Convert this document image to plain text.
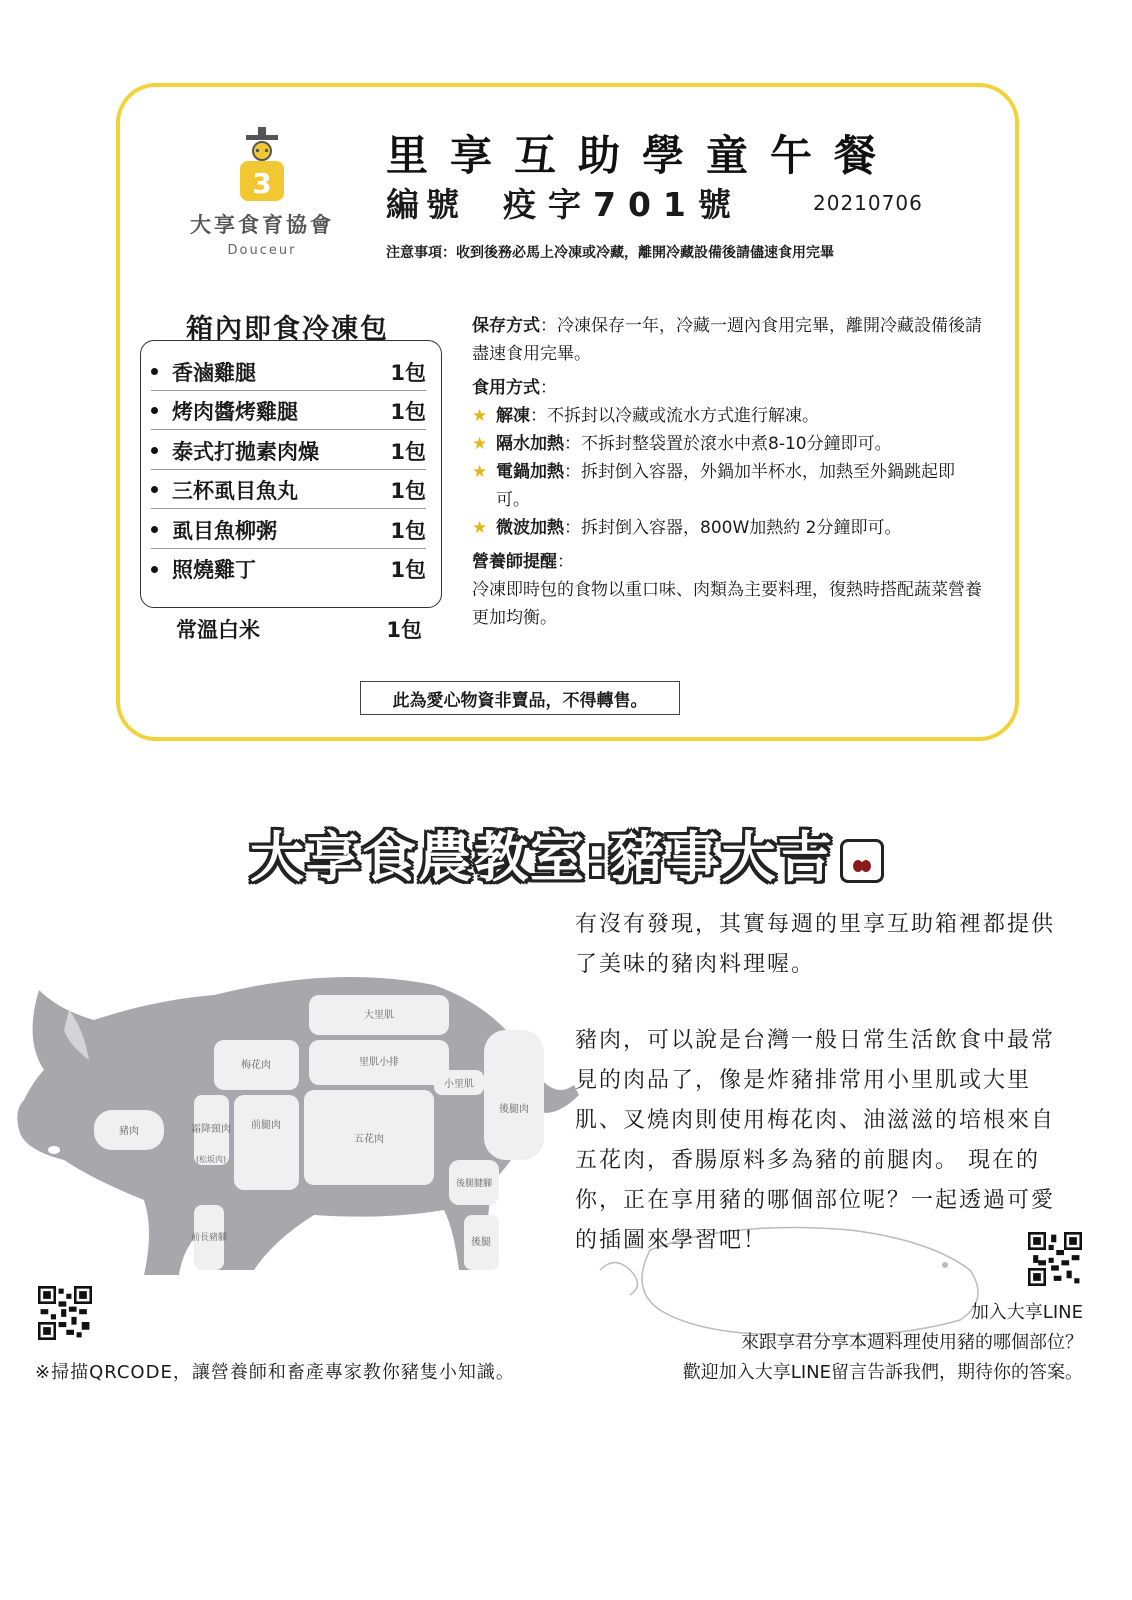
3
大享食育協會
Douceur
里享互助學童午餐
編號 疫字701號	20210706
注意事項：收到後務必馬上冷凍或冷藏，離開冷藏設備後請儘速食用完畢
箱內即食冷凍包
香滷雞腿	1包
烤肉醬烤雞腿	1包
泰式打拋素肉燥	1包
三杯虱目魚丸	1包
虱目魚柳粥	1包
照燒雞丁	1包
常溫白米	1包

保存方式：冷凍保存一年，冷藏一週內食用完畢，離開冷藏設備後請盡速食用完畢。

食用方式：

★ 解凍：不拆封以冷藏或流水方式進行解凍。
★ 隔水加熱：不拆封整袋置於滾水中煮8-10分鐘即可。
★ 電鍋加熱：拆封倒入容器，外鍋加半杯水，加熱至外鍋跳起即可。
★ 微波加熱：拆封倒入容器，800W加熱約 2分鐘即可。

營養師提醒：

冷凍即時包的食物以重口味、肉類為主要料理，復熱時搭配蔬菜營養更加均衡。

此為愛心物資非賣品，不得轉售。
大享食農教室:豬事大吉
豬肉
梅花肉
大里肌
里肌小排
小里肌
後腿肉
五花肉
前腿肉
霜降頸肉
(松坂肉)
後腿腱腳
前長豬腳	後腿

有沒有發現，其實每週的里享互助箱裡都提供了美味的豬肉料理喔。

豬肉，可以說是台灣一般日常生活飲食中最常見的肉品了，像是炸豬排常用小里肌或大里肌、叉燒肉則使用梅花肉、油滋滋的培根來自五花肉，香腸原料多為豬的前腿肉。 現在的你，正在享用豬的哪個部位呢？一起透過可愛的插圖來學習吧！

※掃描QRCODE，讓營養師和畜產專家教你豬隻小知識。
加入大享LINE
來跟享君分享本週料理使用豬的哪個部位？
歡迎加入大享LINE留言告訴我們，期待你的答案。
